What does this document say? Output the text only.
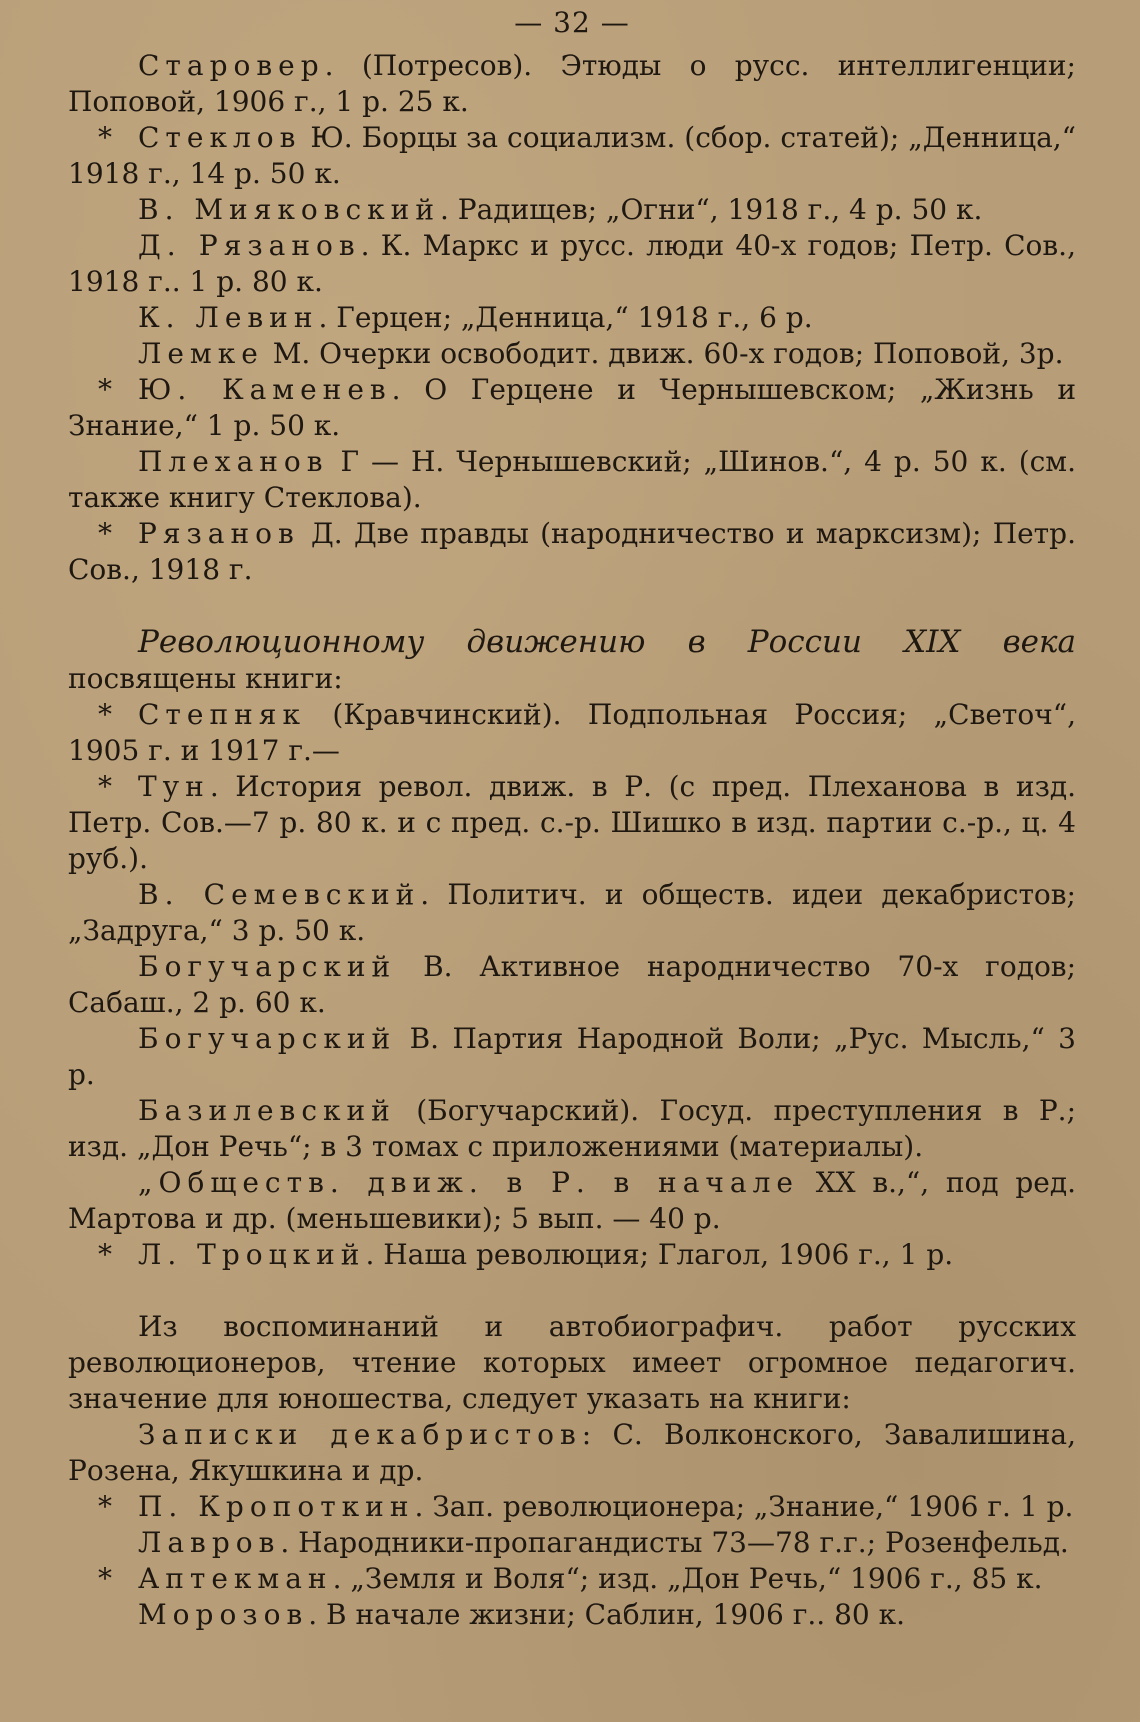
— 32 —

Старовер. (Потресов). Этюды о русс. интеллигенции; Поповой, 1906 г., 1 р. 25 к.

* Стеклов Ю. Борцы за социализм. (сбор. статей); „Денница,“ 1918 г., 14 р. 50 к.

В. Мияковский. Радищев; „Огни“, 1918 г., 4 р. 50 к.

Д. Рязанов. К. Маркс и русс. люди 40-х годов; Петр. Сов., 1918 г.. 1 р. 80 к.

К. Левин. Герцен; „Денница,“ 1918 г., 6 р.

Лемке М. Очерки освободит. движ. 60-х годов; Поповой, 3р.

* Ю. Каменев. О Герцене и Чернышевском; „Жизнь и Знание,“ 1 р. 50 к.

Плеханов Г — Н. Чернышевский; „Шинов.“, 4 р. 50 к. (см. также книгу Стеклова).

* Рязанов Д. Две правды (народничество и марксизм); Петр. Сов., 1918 г.

Революционному движению в России XIX века посвящены книги:

* Степняк (Кравчинский). Подпольная Россия; „Светоч“, 1905 г. и 1917 г.—

* Тун. История револ. движ. в Р. (с пред. Плеханова в изд. Петр. Сов.—7 р. 80 к. и с пред. с.-р. Шишко в изд. партии с.-р., ц. 4 руб.).

В. Семевский. Политич. и обществ. идеи декабристов; „Задруга,“ 3 р. 50 к.

Богучарский В. Активное народничество 70-х годов; Сабаш., 2 р. 60 к.

Богучарский В. Партия Народной Воли; „Рус. Мысль,“ 3 р.

Базилевский (Богучарский). Госуд. преступления в Р.; изд. „Дон Речь“; в 3 томах с приложениями (материалы).

„Обществ. движ. в Р. в начале XX в.,“, под ред. Мартова и др. (меньшевики); 5 вып. — 40 р.

* Л. Троцкий. Наша революция; Глагол, 1906 г., 1 р.

Из воспоминаний и автобиографич. работ русских революционеров, чтение которых имеет огромное педагогич. значение для юношества, следует указать на книги:

Записки декабристов: С. Волконского, Завалишина, Розена, Якушкина и др.

* П. Кропоткин. Зап. революционера; „Знание,“ 1906 г. 1 р.

Лавров. Народники-пропагандисты 73—78 г.г.; Розенфельд.

* Аптекман. „Земля и Воля“; изд. „Дон Речь,“ 1906 г., 85 к.

Морозов. В начале жизни; Саблин, 1906 г.. 80 к.
